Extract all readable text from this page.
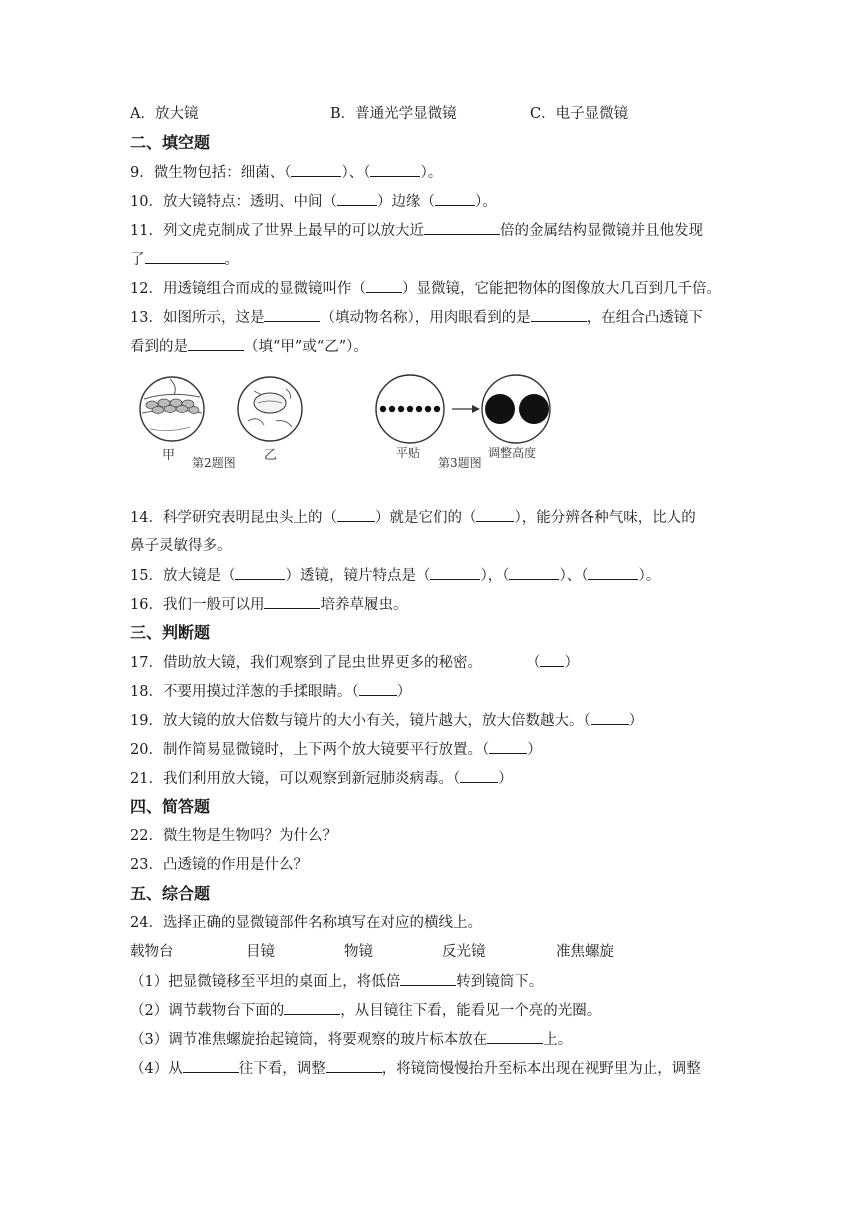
A．放大镜	B．普通光学显微镜	C．电子显微镜
二、填空题
9．微生物包括：细菌、（	）、（	）。
10．放大镜特点：透明、中间（	）边缘（	）。
11．列文虎克制成了世界上最早的可以放大近	倍的金属结构显微镜并且他发现
了	。
12．用透镜组合而成的显微镜叫作（ ）显微镜，它能把物体的图像放大几百到几千倍。
13．如图所示，这是	（填动物名称），用肉眼看到的是	，在组合凸透镜下
看到的是	（填“甲”或“乙”）。
甲 第2题图 乙	平贴
第3题图
调整高度
14．科学研究表明昆虫头上的（	）就是它们的（	），能分辨各种气味，比人的
鼻子灵敏得多。
15．放大镜是（	）透镜，镜片特点是（	），（	）、（	）。
16．我们一般可以用	培养草履虫。
三、判断题
17．借助放大镜，我们观察到了昆虫世界更多的秘密。	（ ）
18．不要用摸过洋葱的手揉眼睛。（	）
19．放大镜的放大倍数与镜片的大小有关，镜片越大，放大倍数越大。（	）
20．制作简易显微镜时，上下两个放大镜要平行放置。（	）
21．我们利用放大镜，可以观察到新冠肺炎病毒。（	）
四、简答题
22．微生物是生物吗？为什么？
23．凸透镜的作用是什么？
五、综合题
24．选择正确的显微镜部件名称填写在对应的横线上。
载物台	目镜	物镜	反光镜	准焦螺旋
（1）把显微镜移至平坦的桌面上，将低倍	转到镜筒下。
（2）调节载物台下面的	，从目镜往下看，能看见一个亮的光圈。
（3）调节准焦螺旋抬起镜筒，将要观察的玻片标本放在	上。
（4）从	往下看，调整	，将镜筒慢慢抬升至标本出现在视野里为止，调整
